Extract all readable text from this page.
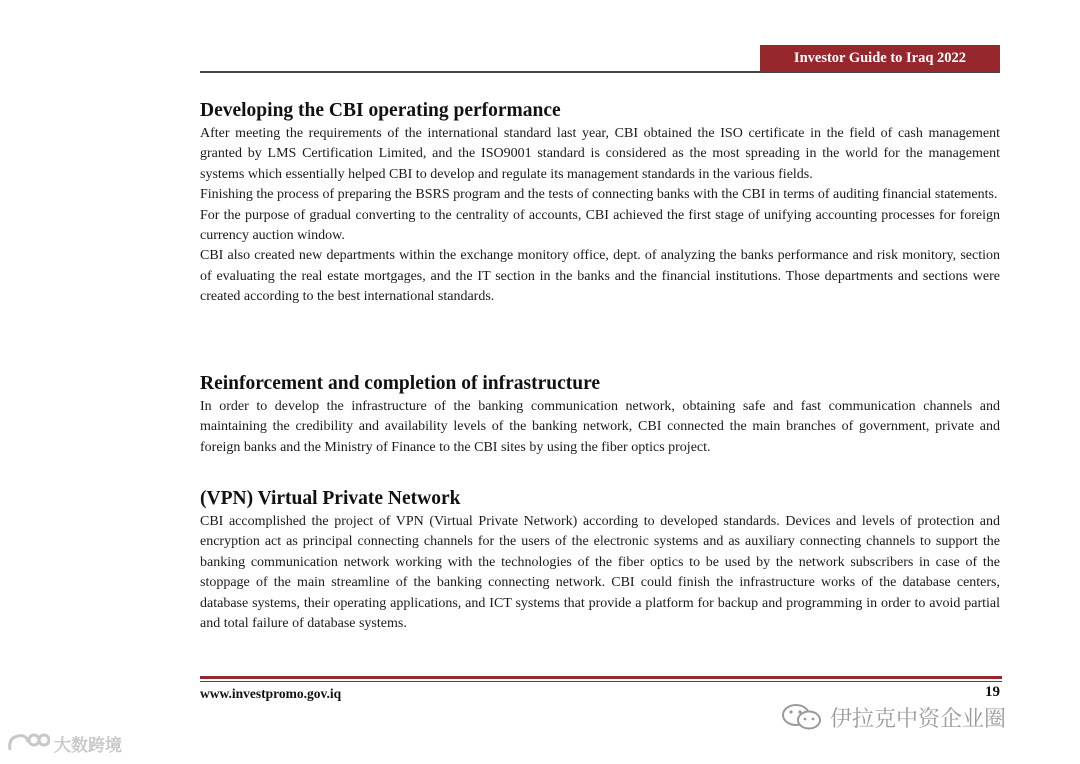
Investor Guide to Iraq 2022
Developing the CBI operating performance

After meeting the requirements of the international standard last year, CBI obtained the ISO certificate in the field of cash management granted by LMS Certification Limited, and the ISO9001 standard is considered as the most spreading in the world for the management systems which essentially helped CBI to develop and regulate its management standards in the various fields.

Finishing the process of preparing the BSRS program and the tests of connecting banks with the CBI in terms of auditing financial statements.

For the purpose of gradual converting to the centrality of accounts, CBI achieved the first stage of unifying accounting processes for foreign currency auction window.

CBI also created new departments within the exchange monitory office, dept. of analyzing the banks performance and risk monitory, section of evaluating the real estate mortgages, and the IT section in the banks and the financial institutions. Those departments and sections were created according to the best international standards.

Reinforcement and completion of infrastructure

In order to develop the infrastructure of the banking communication network, obtaining safe and fast communication channels and maintaining the credibility and availability levels of the banking network, CBI connected the main branches of government, private and foreign banks and the Ministry of Finance to the CBI sites by using the fiber optics project.

(VPN) Virtual Private Network

CBI accomplished the project of VPN (Virtual Private Network) according to developed standards. Devices and levels of protection and encryption act as principal connecting channels for the users of the electronic systems and as auxiliary connecting channels to support the banking communication network working with the technologies of the fiber optics to be used by the network subscribers in case of the stoppage of the main streamline of the banking connecting network. CBI could finish the infrastructure works of the database centers, database systems, their operating applications, and ICT systems that provide a platform for backup and programming in order to avoid partial and total failure of database systems.

www.investpromo.gov.iq	19
伊拉克中资企业圈
大数跨境
